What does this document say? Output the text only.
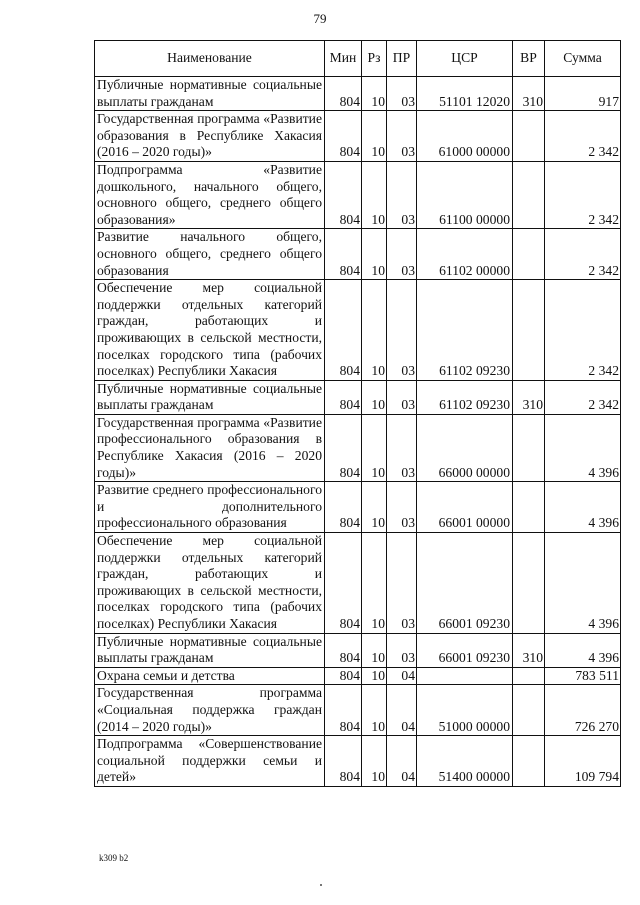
79
Наименование	Мин	Рз	ПР	ЦСР	ВР	Сумма
Публичные нормативные социальные выплаты гражданам	804	10	03	51101 12020	310	917
Государственная программа «Развитие образования в Республике Хакасия (2016 – 2020 годы)»	804	10	03	61000 00000		2 342
Подпрограмма «Развитие дошкольного, начального общего, основного общего, среднего общего образования»	804	10	03	61100 00000		2 342
Развитие начального общего, основного общего, среднего общего образования	804	10	03	61102 00000		2 342
Обеспечение мер социальной поддержки отдельных категорий граждан, работающих и проживающих в сельской местности, поселках городского типа (рабочих поселках) Республики Хакасия	804	10	03	61102 09230		2 342
Публичные нормативные социальные выплаты гражданам	804	10	03	61102 09230	310	2 342
Государственная программа «Развитие профессионального образования в Республике Хакасия (2016 – 2020 годы)»	804	10	03	66000 00000		4 396
Развитие среднего профессионального и дополнительного профессионального образования	804	10	03	66001 00000		4 396
Обеспечение мер социальной поддержки отдельных категорий граждан, работающих и проживающих в сельской местности, поселках городского типа (рабочих поселках) Республики Хакасия	804	10	03	66001 09230		4 396
Публичные нормативные социальные выплаты гражданам	804	10	03	66001 09230	310	4 396
Охрана семьи и детства	804	10	04			783 511
Государственная программа «Социальная поддержка граждан (2014 – 2020 годы)»	804	10	04	51000 00000		726 270
Подпрограмма «Совершенствование социальной поддержки семьи и детей»	804	10	04	51400 00000		109 794
k309 b2
